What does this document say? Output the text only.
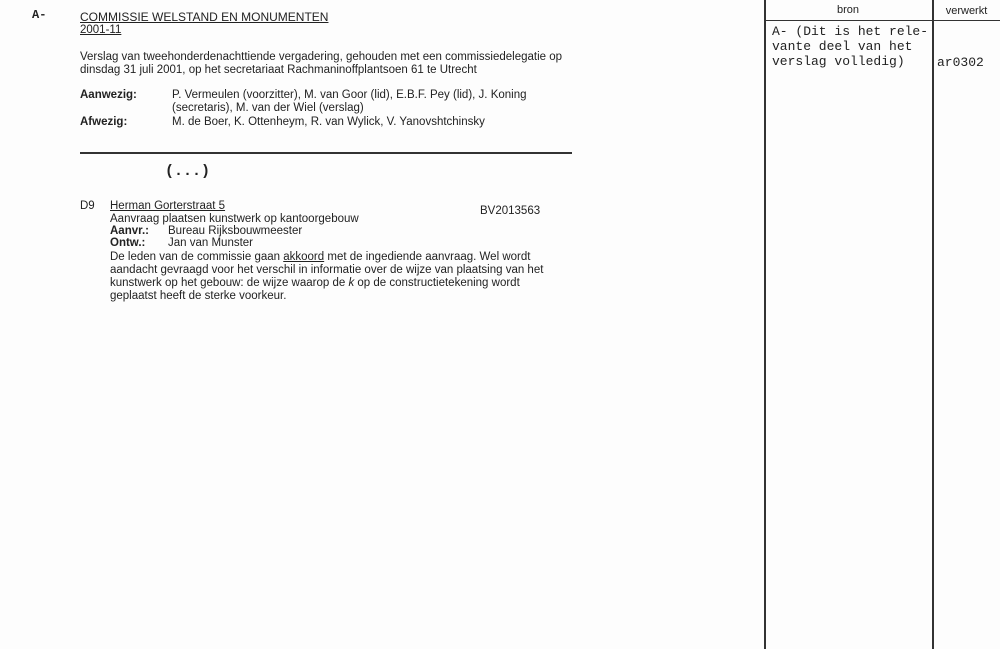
A-	COMMISSIE WELSTAND EN MONUMENTEN
2001-11
Verslag van tweehonderdenachttiende vergadering, gehouden met een commissiedelegatie op
dinsdag 31 juli 2001, op het secretariaat Rachmaninoffplantsoen 61 te Utrecht
Aanwezig:	P. Vermeulen (voorzitter), M. van Goor (lid), E.B.F. Pey (lid), J. Koning
(secretaris), M. van der Wiel (verslag)
Afwezig:	M. de Boer, K. Ottenheym, R. van Wylick, V. Yanovshtchinsky
(...)
D9 Herman Gorterstraat 5	BV2013563
Aanvraag plaatsen kunstwerk op kantoorgebouw
Aanvr.: Bureau Rijksbouwmeester
Ontw.: Jan van Munster
De leden van de commissie gaan akkoord met de ingediende aanvraag. Wel wordt
aandacht gevraagd voor het verschil in informatie over de wijze van plaatsing van het
kunstwerk op het gebouw: de wijze waarop de k op de constructietekening wordt
geplaatst heeft de sterke voorkeur.
bron	verwerkt
A- (Dit is het rele-
vante deel van het
verslag volledig)	ar0302
